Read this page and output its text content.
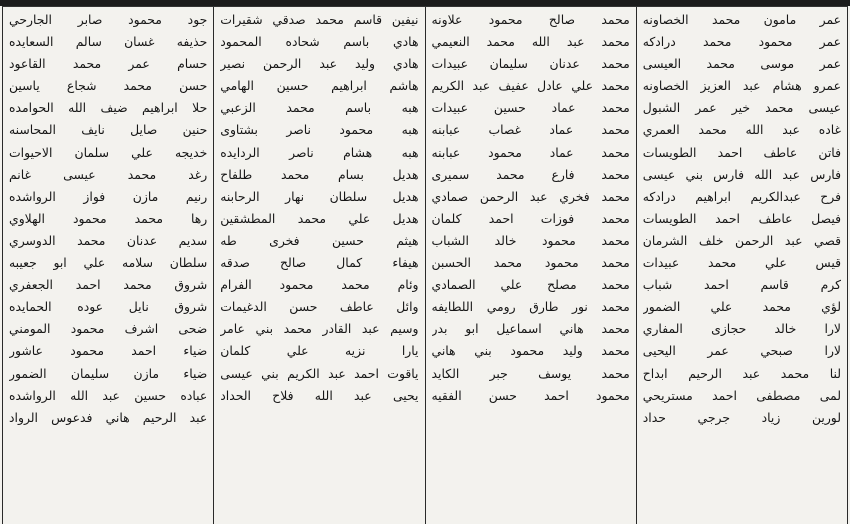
عمر مامون محمد الخصاونه
عمر محمود محمد درادكه
عمر موسى محمد العيسى
عمرو هشام عبد العزيز الخصاونه
عيسى محمد خير عمر الشبول
غاده عبد الله محمد العمري
فاتن عاطف احمد الطويسات
فارس عبد الله فارس بني عيسى
فرح عبدالكريم ابراهيم درادكه
فيصل عاطف احمد الطويسات
قصي عبد الرحمن خلف الشرمان
قيس علي محمد عبيدات
كرم قاسم احمد شباب
لؤي محمد علي الضمور
لارا خالد حجازى المفاري
لارا صبحي عمر اليحيى
لنا محمد عبد الرحيم ابداح
لمى مصطفى احمد مستريحي
لورين زياد جرجي حداد
محمد صالح محمود علاونه
محمد عبد الله محمد النعيمي
محمد عدنان سليمان عبيدات
محمد علي عادل عفيف عبد الكريم
محمد عماد حسين عبيدات
محمد عماد غصاب عبابنه
محمد عماد محمود عبابنه
محمد فارع محمد سميرى
محمد فخري عبد الرحمن صمادي
محمد فوزات احمد كلمان
محمد محمود خالد الشباب
محمد محمود محمد الحسبن
محمد مصلح علي الصمادي
محمد نور طارق رومي اللطايفه
محمد هاني اسماعيل ابو بدر
محمد وليد محمود بني هاني
محمد يوسف جبر الكايد
محمود احمد حسن الفقيه
نيفين قاسم محمد صدقي شقيرات
هادي باسم شحاده المحمود
هادي وليد عبد الرحمن نصير
هاشم ابراهيم حسين الهامي
هبه باسم محمد الزعبي
هبه محمود ناصر بشتاوى
هبه هشام ناصر الردايده
هديل بسام محمد طلفاح
هديل سلطان نهار الرحابنه
هديل علي محمد المطشقين
هيثم حسين فخرى طه
هيفاء كمال صالح صدقه
وئام محمد محمود الفرام
وائل عاطف حسن الدغيمات
وسيم عبد القادر محمد بني عامر
يارا نزيه علي كلمان
ياقوت احمد عبد الكريم بني عيسى
يحيى عبد الله فلاح الحداد
جود محمود صابر الجارحي
حذيفه غسان سالم السعايده
حسام عمر محمد القاعود
حسن محمد شجاع ياسين
حلا ابراهيم ضيف الله الحوامده
حنين صايل نايف المحاسنه
خديجه علي سلمان الاحيوات
رغد محمد عيسى غانم
رنيم مازن فواز الرواشده
رها محمد محمود الهلاوي
سديم عدنان محمد الدوسري
سلطان سلامه علي ابو جعيبه
شروق محمد احمد الجعفري
شروق نايل عوده الحمايده
ضحى اشرف محمود المومني
ضياء احمد محمود عاشور
ضياء مازن سليمان الضمور
عباده حسين عبد الله الرواشده
عبد الرحيم هاني فدعوس الرواد
